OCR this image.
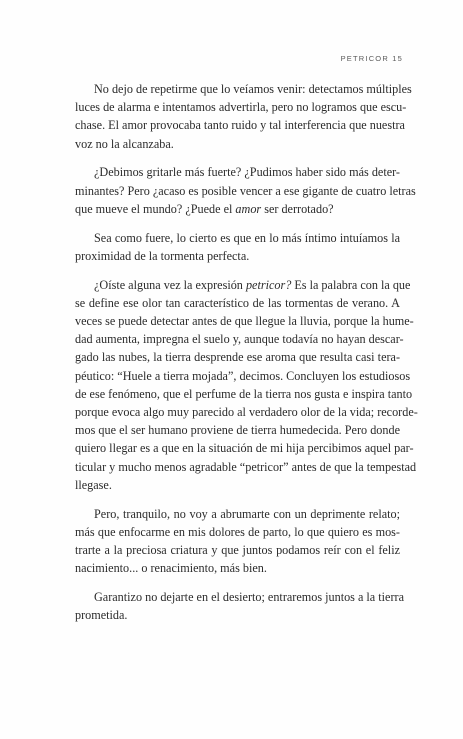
PETRICOR 15
No dejo de repetirme que lo veíamos venir: detectamos múltiples
luces de alarma e intentamos advertirla, pero no logramos que escu-
chase. El amor provocaba tanto ruido y tal interferencia que nuestra
voz no la alcanzaba.
¿Debimos gritarle más fuerte? ¿Pudimos haber sido más deter-
minantes? Pero ¿acaso es posible vencer a ese gigante de cuatro letras
que mueve el mundo? ¿Puede el amor ser derrotado?
Sea como fuere, lo cierto es que en lo más íntimo intuíamos la
proximidad de la tormenta perfecta.
¿Oíste alguna vez la expresión petricor? Es la palabra con la que
se define ese olor tan característico de las tormentas de verano. A
veces se puede detectar antes de que llegue la lluvia, porque la hume-
dad aumenta, impregna el suelo y, aunque todavía no hayan descar-
gado las nubes, la tierra desprende ese aroma que resulta casi tera-
péutico: “Huele a tierra mojada”, decimos. Concluyen los estudiosos
de ese fenómeno, que el perfume de la tierra nos gusta e inspira tanto
porque evoca algo muy parecido al verdadero olor de la vida; recorde-
mos que el ser humano proviene de tierra humedecida. Pero donde
quiero llegar es a que en la situación de mi hija percibimos aquel par-
ticular y mucho menos agradable “petricor” antes de que la tempestad
llegase.
Pero, tranquilo, no voy a abrumarte con un deprimente relato;
más que enfocarme en mis dolores de parto, lo que quiero es mos-
trarte a la preciosa criatura y que juntos podamos reír con el feliz
nacimiento... o renacimiento, más bien.
Garantizo no dejarte en el desierto; entraremos juntos a la tierra
prometida.
